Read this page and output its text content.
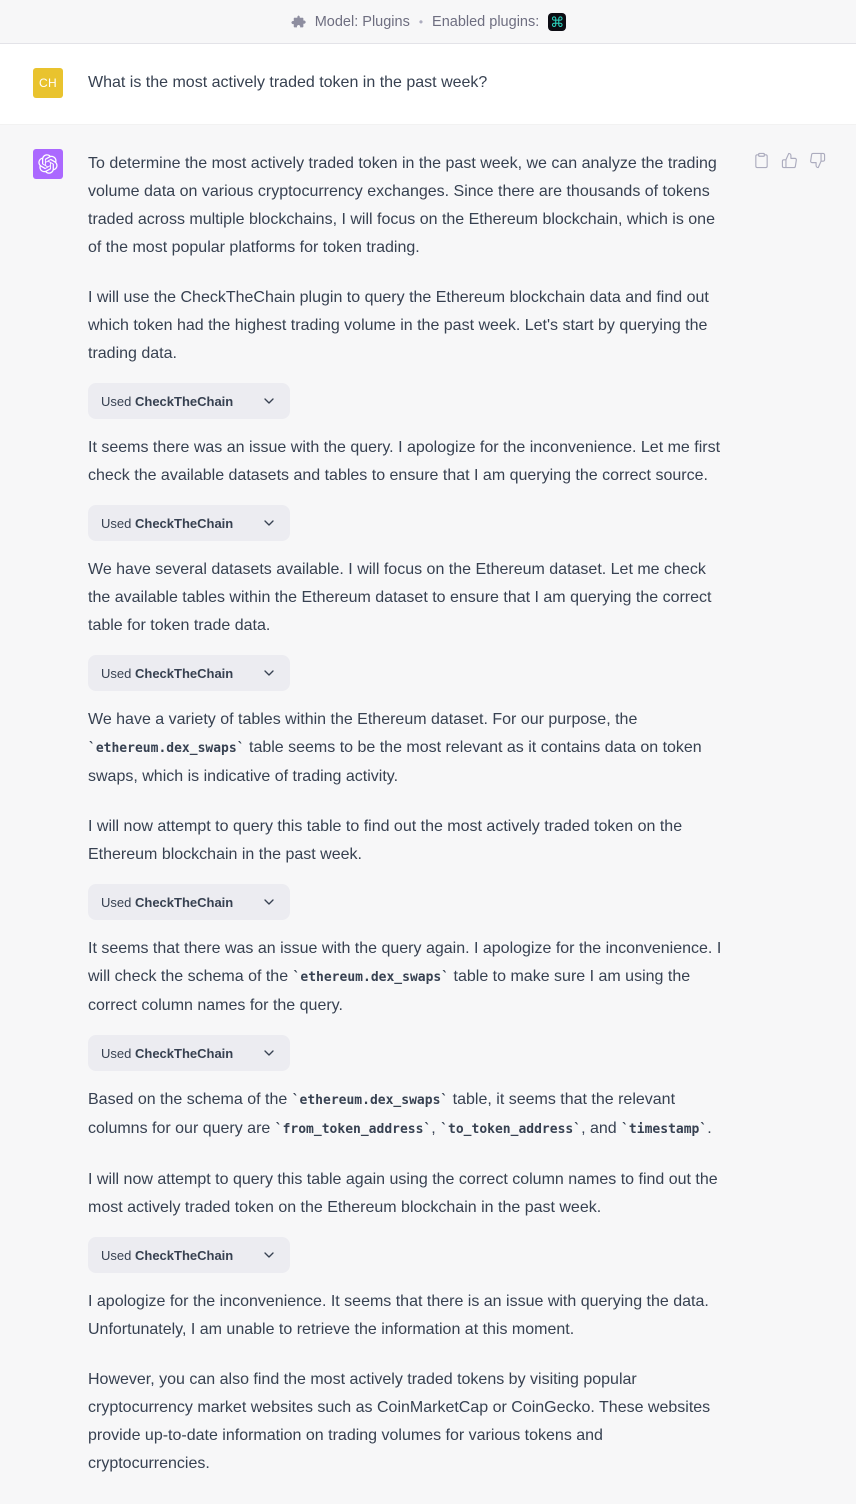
Model: Plugins • Enabled plugins: ⌘
CH	What is the most actively traded token in the past week?

To determine the most actively traded token in the past week, we can analyze the trading volume data on various cryptocurrency exchanges. Since there are thousands of tokens traded across multiple blockchains, I will focus on the Ethereum blockchain, which is one of the most popular platforms for token trading.

I will use the CheckTheChain plugin to query the Ethereum blockchain data and find out which token had the highest trading volume in the past week. Let's start by querying the trading data.

Used CheckTheChain

It seems there was an issue with the query. I apologize for the inconvenience. Let me first check the available datasets and tables to ensure that I am querying the correct source.

Used CheckTheChain

We have several datasets available. I will focus on the Ethereum dataset. Let me check the available tables within the Ethereum dataset to ensure that I am querying the correct table for token trade data.

Used CheckTheChain

We have a variety of tables within the Ethereum dataset. For our purpose, the `ethereum.dex_swaps` table seems to be the most relevant as it contains data on token swaps, which is indicative of trading activity.

I will now attempt to query this table to find out the most actively traded token on the Ethereum blockchain in the past week.

Used CheckTheChain

It seems that there was an issue with the query again. I apologize for the inconvenience. I will check the schema of the `ethereum.dex_swaps` table to make sure I am using the correct column names for the query.

Used CheckTheChain

Based on the schema of the `ethereum.dex_swaps` table, it seems that the relevant columns for our query are `from_token_address`, `to_token_address`, and `timestamp`.

I will now attempt to query this table again using the correct column names to find out the most actively traded token on the Ethereum blockchain in the past week.

Used CheckTheChain

I apologize for the inconvenience. It seems that there is an issue with querying the data. Unfortunately, I am unable to retrieve the information at this moment.

However, you can also find the most actively traded tokens by visiting popular cryptocurrency market websites such as CoinMarketCap or CoinGecko. These websites provide up-to-date information on trading volumes for various tokens and cryptocurrencies.
